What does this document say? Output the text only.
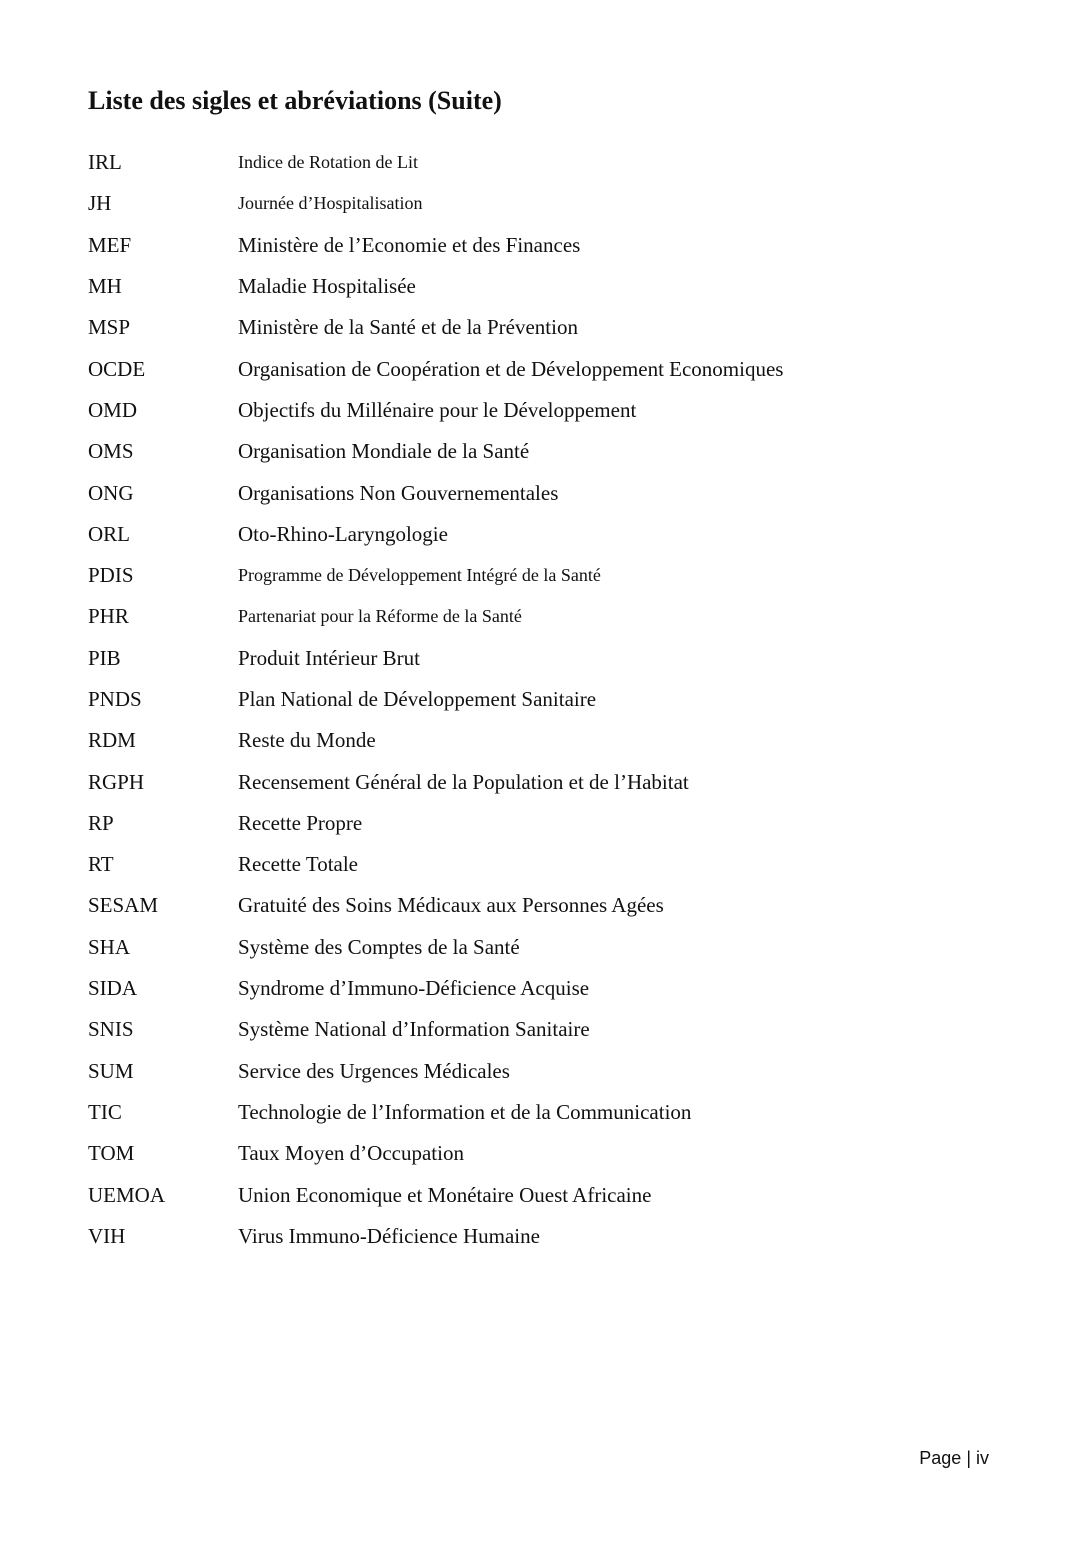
Liste des sigles et abréviations (Suite)
IRL	Indice de Rotation de Lit
JH	Journée d’Hospitalisation
MEF	Ministère de l’Economie et des Finances
MH	Maladie Hospitalisée
MSP	Ministère de la Santé et de la Prévention
OCDE	Organisation de Coopération et de Développement Economiques
OMD	Objectifs du Millénaire pour le Développement
OMS	Organisation Mondiale de la Santé
ONG	Organisations Non Gouvernementales
ORL	Oto-Rhino-Laryngologie
PDIS	Programme de Développement Intégré de la Santé
PHR	Partenariat pour la Réforme de la Santé
PIB	Produit Intérieur Brut
PNDS	Plan National de Développement Sanitaire
RDM	Reste du Monde
RGPH	Recensement Général de la Population et de l’Habitat
RP	Recette Propre
RT	Recette Totale
SESAM	Gratuité des Soins Médicaux aux Personnes Agées
SHA	Système des Comptes de la Santé
SIDA	Syndrome d’Immuno-Déficience Acquise
SNIS	Système National d’Information Sanitaire
SUM	Service des Urgences Médicales
TIC	Technologie de l’Information et de la Communication
TOM	Taux Moyen d’Occupation
UEMOA	Union Economique et Monétaire Ouest Africaine
VIH	Virus Immuno-Déficience Humaine
Page | iv
